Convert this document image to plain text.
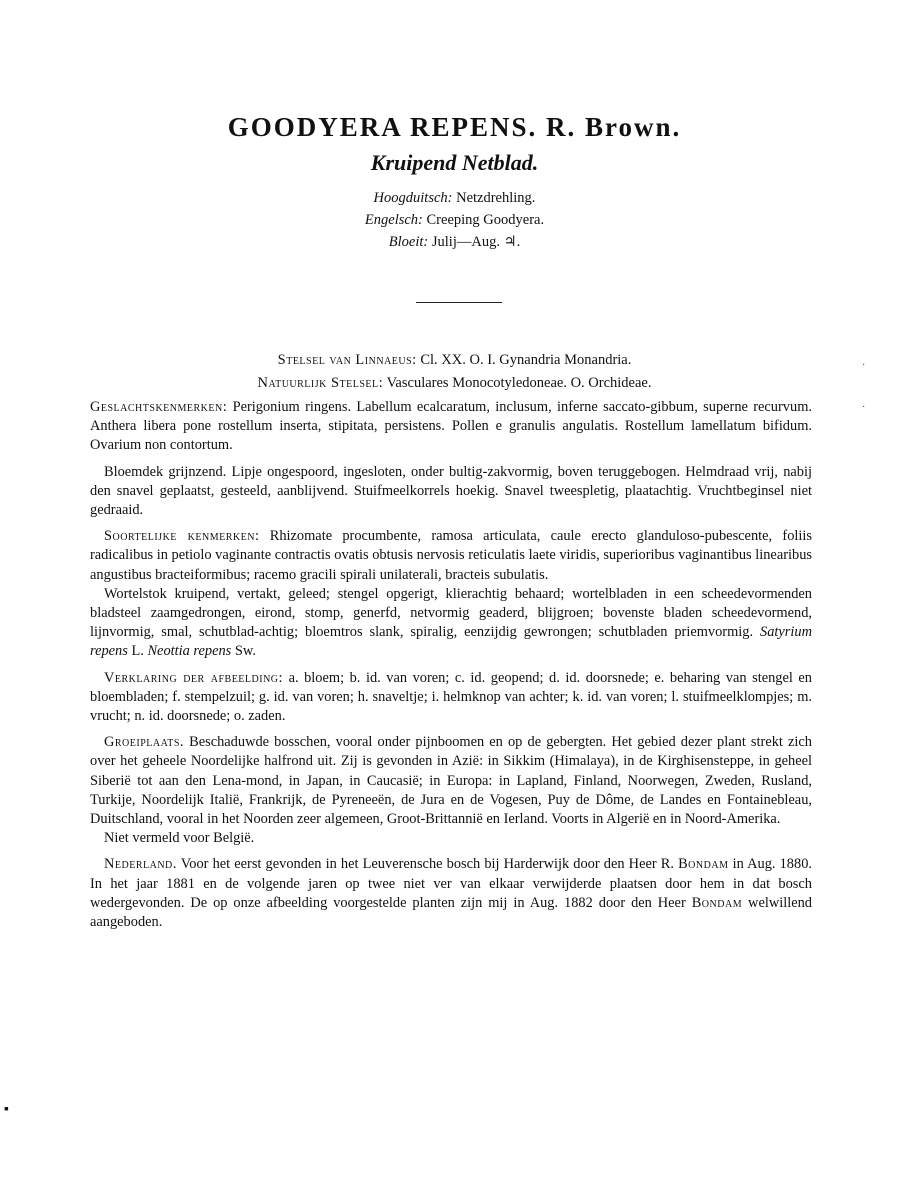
GOODYERA REPENS. R. Brown.
Kruipend Netblad.
Hoogduitsch: Netzdrehling.
Engelsch: Creeping Goodyera.
Bloeit: Julij—Aug. ♃.
Stelsel van Linnaeus: Cl. XX. O. I. Gynandria Monandria.
Natuurlijk Stelsel: Vasculares Monocotyledoneae. O. Orchideae.

Geslachtskenmerken: Perigonium ringens. Labellum ecalcaratum, inclusum, inferne saccato-gibbum, superne recurvum. Anthera libera pone rostellum inserta, stipitata, persistens. Pollen e granulis angulatis. Rostellum lamellatum bifidum. Ovarium non contortum.

Bloemdek grijnzend. Lipje ongespoord, ingesloten, onder bultig-zakvormig, boven teruggebogen. Helmdraad vrij, nabij den snavel geplaatst, gesteeld, aanblijvend. Stuifmeelkorrels hoekig. Snavel tweespletig, plaatachtig. Vruchtbeginsel niet gedraaid.

Soortelijke kenmerken: Rhizomate procumbente, ramosa articulata, caule erecto glanduloso-pubescente, foliis radicalibus in petiolo vaginante contractis ovatis obtusis nervosis reticulatis laete viridis, superioribus vaginantibus linearibus angustibus bracteiformibus; racemo gracili spirali unilaterali, bracteis subulatis.

Wortelstok kruipend, vertakt, geleed; stengel opgerigt, klierachtig behaard; wortelbladen in een scheedevormenden bladsteel zaamgedrongen, eirond, stomp, generfd, netvormig geaderd, blijgroen; bovenste bladen scheedevormend, lijnvormig, smal, schutblad-achtig; bloemtros slank, spiralig, eenzijdig gewrongen; schutbladen priemvormig. Satyrium repens L. Neottia repens Sw.

Verklaring der afbeelding: a. bloem; b. id. van voren; c. id. geopend; d. id. doorsnede; e. beharing van stengel en bloembladen; f. stempelzuil; g. id. van voren; h. snaveltje; i. helmknop van achter; k. id. van voren; l. stuifmeelklompjes; m. vrucht; n. id. doorsnede; o. zaden.

Groeiplaats. Beschaduwde bosschen, vooral onder pijnboomen en op de gebergten. Het gebied dezer plant strekt zich over het geheele Noordelijke halfrond uit. Zij is gevonden in Azië: in Sikkim (Himalaya), in de Kirghisensteppe, in geheel Siberië tot aan den Lena-mond, in Japan, in Caucasië; in Europa: in Lapland, Finland, Noorwegen, Zweden, Rusland, Turkije, Noordelijk Italië, Frankrijk, de Pyreneeën, de Jura en de Vogesen, Puy de Dôme, de Landes en Fontainebleau, Duitschland, vooral in het Noorden zeer algemeen, Groot-Brittannië en Ierland. Voorts in Algerië en in Noord-Amerika.

Niet vermeld voor België.

Nederland. Voor het eerst gevonden in het Leuverensche bosch bij Harderwijk door den Heer R. Bondam in Aug. 1880. In het jaar 1881 en de volgende jaren op twee niet ver van elkaar verwijderde plaatsen door hem in dat bosch wedergevonden. De op onze afbeelding voorgestelde planten zijn mij in Aug. 1882 door den Heer Bondam welwillend aangeboden.

·
·
▪
